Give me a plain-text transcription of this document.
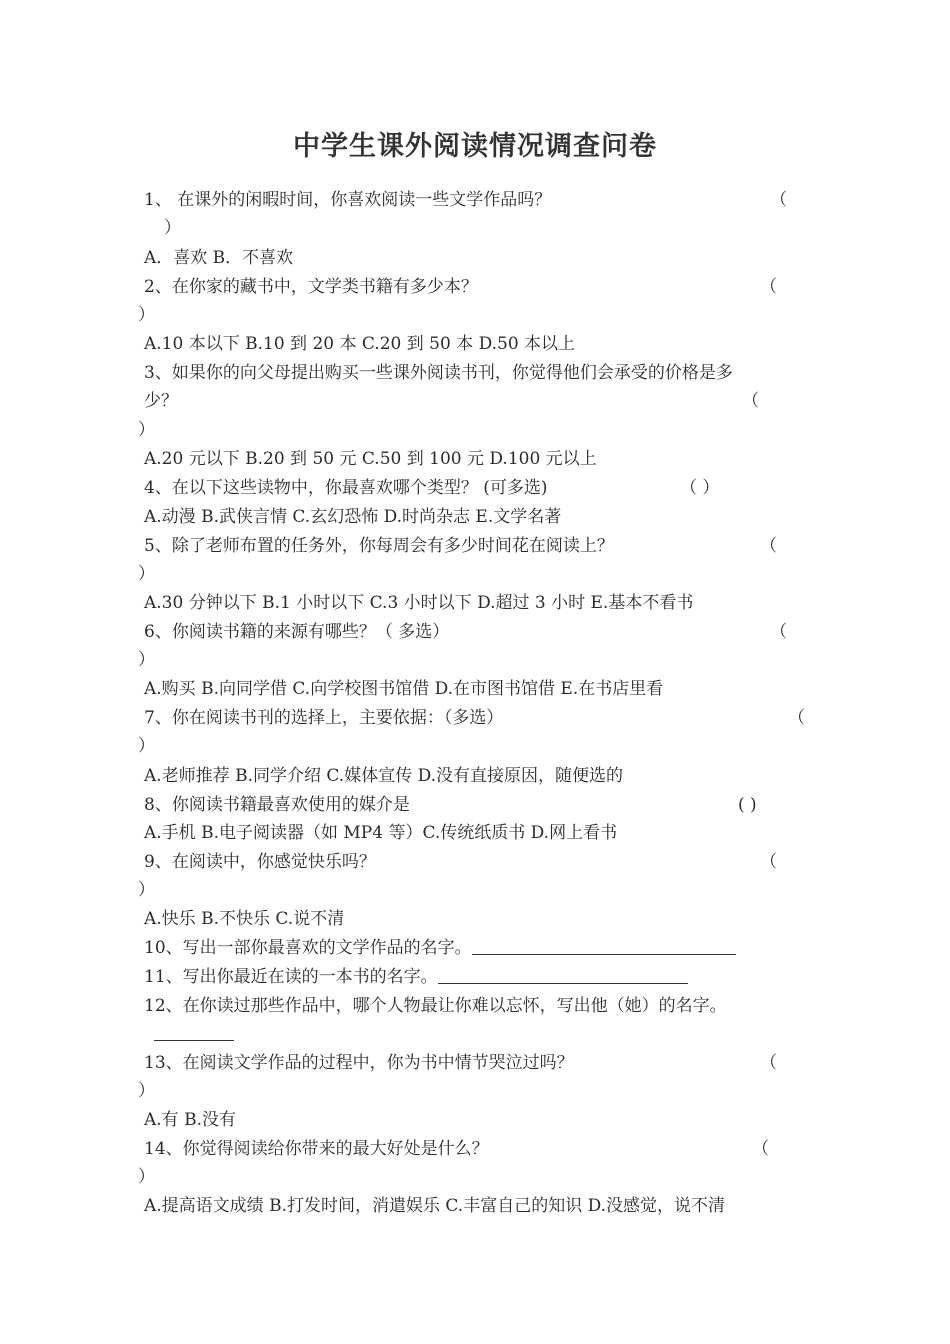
中学生课外阅读情况调查问卷
1、 在课外的闲暇时间，你喜欢阅读一些文学作品吗？	（
）
A．喜欢 B．不喜欢
2、在你家的藏书中，文学类书籍有多少本？	（
）
A.10 本以下 B.10 到 20 本 C.20 到 50 本 D.50 本以上
3、如果你的向父母提出购买一些课外阅读书刊，你觉得他们会承受的价格是多
少？	（
）
A.20 元以下 B.20 到 50 元 C.50 到 100 元 D.100 元以上
4、在以下这些读物中，你最喜欢哪个类型？ (可多选)	（ ）
A.动漫 B.武侠言情 C.玄幻恐怖 D.时尚杂志 E.文学名著
5、除了老师布置的任务外，你每周会有多少时间花在阅读上？	（
）
A.30 分钟以下 B.1 小时以下 C.3 小时以下 D.超过 3 小时 E.基本不看书
6、你阅读书籍的来源有哪些？（ 多选）	（
）
A.购买 B.向同学借 C.向学校图书馆借 D.在市图书馆借 E.在书店里看
7、你在阅读书刊的选择上，主要依据：（多选）	（
）
A.老师推荐 B.同学介绍 C.媒体宣传 D.没有直接原因，随便选的
8、你阅读书籍最喜欢使用的媒介是	( )
A.手机 B.电子阅读器（如 MP4 等）C.传统纸质书 D.网上看书
9、在阅读中，你感觉快乐吗？	（
）
A.快乐 B.不快乐 C.说不清
10、写出一部你最喜欢的文学作品的名字。
11、写出你最近在读的一本书的名字。
12、在你读过那些作品中，哪个人物最让你难以忘怀，写出他（她）的名字。
13、在阅读文学作品的过程中，你为书中情节哭泣过吗？	（
）
A.有 B.没有
14、你觉得阅读给你带来的最大好处是什么？	（
）
A.提高语文成绩 B.打发时间，消遣娱乐 C.丰富自己的知识 D.没感觉，说不清
